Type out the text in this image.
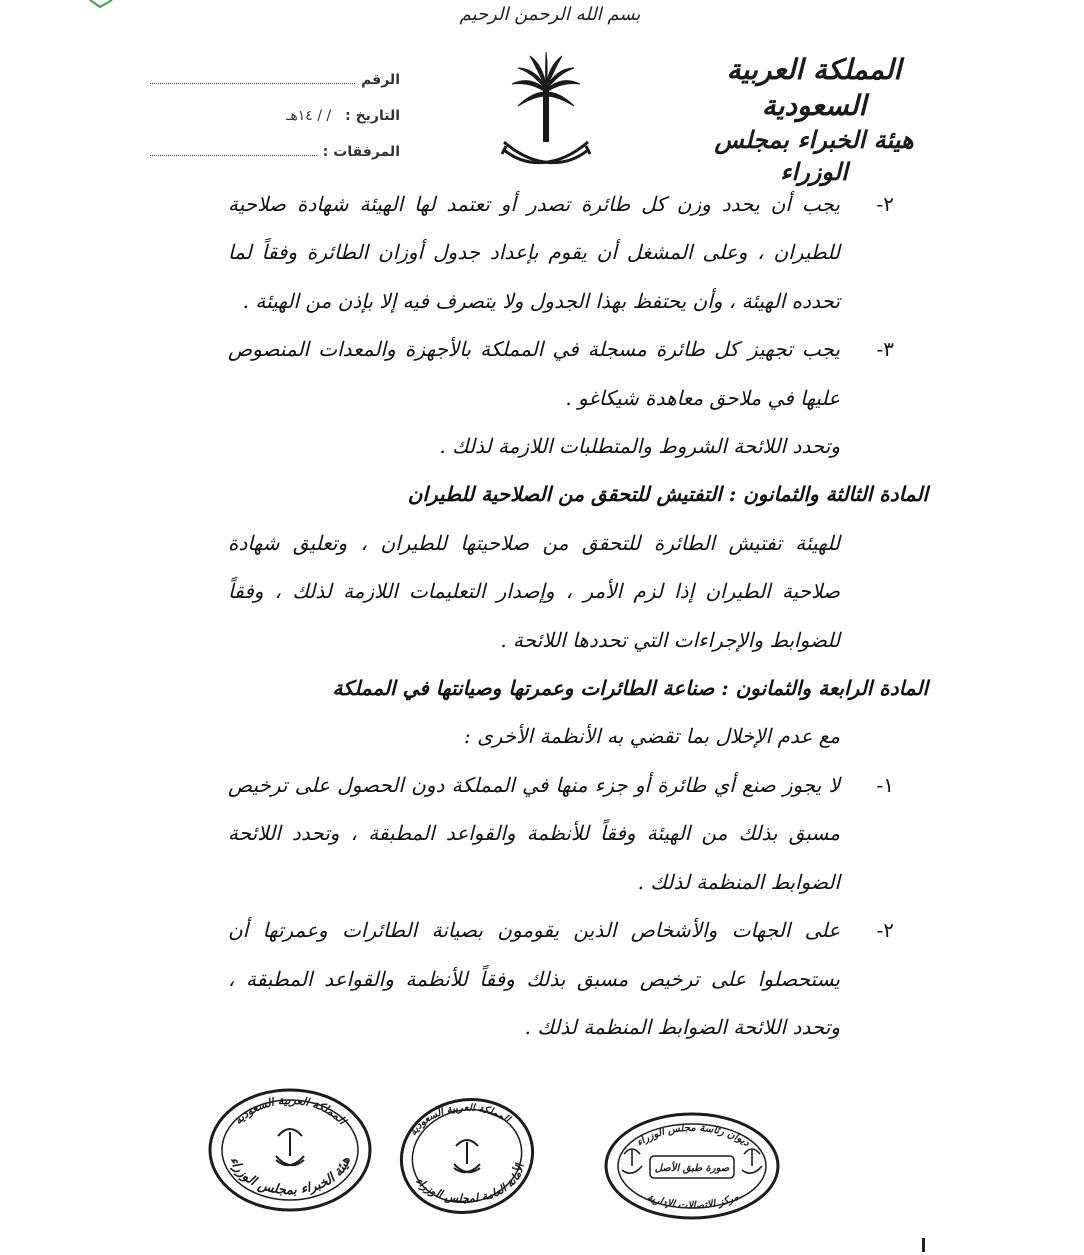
بسم الله الرحمن الرحيم
المملكة العربية السعودية
هيئة الخبراء بمجلس الوزراء
الرقم
التاريخ :
/ / ١٤هـ
المرفقات :

٢-
يجب أن يحدد وزن كل طائرة تصدر أو تعتمد لها الهيئة شهادة صلاحية للطيران ، وعلى المشغل أن يقوم بإعداد جدول أوزان الطائرة وفقاً لما تحدده الهيئة ، وأن يحتفظ بهذا الجدول ولا يتصرف فيه إلا بإذن من الهيئة .

٣-
يجب تجهيز كل طائرة مسجلة في المملكة بالأجهزة والمعدات المنصوص عليها في ملاحق معاهدة شيكاغو .

وتحدد اللائحة الشروط والمتطلبات اللازمة لذلك .

المادة الثالثة والثمانون : التفتيش للتحقق من الصلاحية للطيران

للهيئة تفتيش الطائرة للتحقق من صلاحيتها للطيران ، وتعليق شهادة صلاحية الطيران إذا لزم الأمر ، وإصدار التعليمات اللازمة لذلك ، وفقاً للضوابط والإجراءات التي تحددها اللائحة .

المادة الرابعة والثمانون : صناعة الطائرات وعمرتها وصيانتها في المملكة

مع عدم الإخلال بما تقضي به الأنظمة الأخرى :

١-
لا يجوز صنع أي طائرة أو جزء منها في المملكة دون الحصول على ترخيص مسبق بذلك من الهيئة وفقاً للأنظمة والقواعد المطبقة ، وتحدد اللائحة الضوابط المنظمة لذلك .

٢-
على الجهات والأشخاص الذين يقومون بصيانة الطائرات وعمرتها أن يستحصلوا على ترخيص مسبق بذلك وفقاً للأنظمة والقواعد المطبقة ، وتحدد اللائحة الضوابط المنظمة لذلك .

المملكة العربية السعودية
هيئة الخبراء بمجلس الوزراء
المملكة العربية السعودية
الأمانة العامة لمجلس الوزراء
ديوان رئاسة مجلس الوزراء
صورة طبق الأصل
مركز الاتصالات الإدارية
